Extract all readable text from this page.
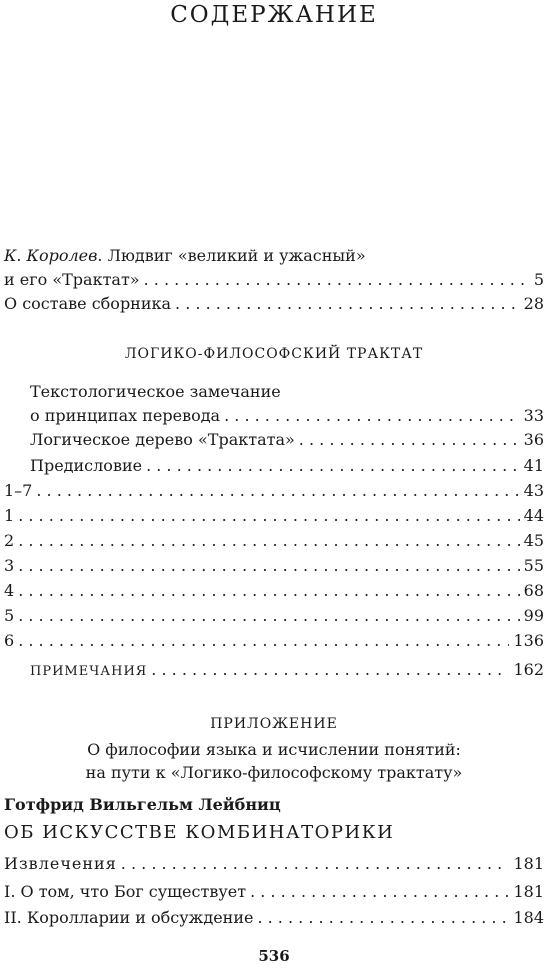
СОДЕРЖАНИЕ
К. Королев. Людвиг «великий и ужасный»
и его «Трактат» . . .	5
О составе сборника . . .	28
ЛОГИКО-ФИЛОСОФСКИЙ ТРАКТАТ
Текстологическое замечание
о принципах перевода . . .	33
Логическое дерево «Трактата» . . .	36
Предисловие . . .	41
1–7 . . .	43
1 . . .	44
2 . . .	45
3 . . .	55
4 . . .	68
5 . . .	99
6 . . .	136
ПРИМЕЧАНИЯ . . .	162
ПРИЛОЖЕНИЕ
О философии языка и исчислении понятий:
на пути к «Логико-философскому трактату»
Готфрид Вильгельм Лейбниц
ОБ ИСКУССТВЕ КОМБИНАТОРИКИ
Извлечения . . .	181
I. О том, что Бог существует . . .	181
II. Королларии и обсуждение . . .	184
536
